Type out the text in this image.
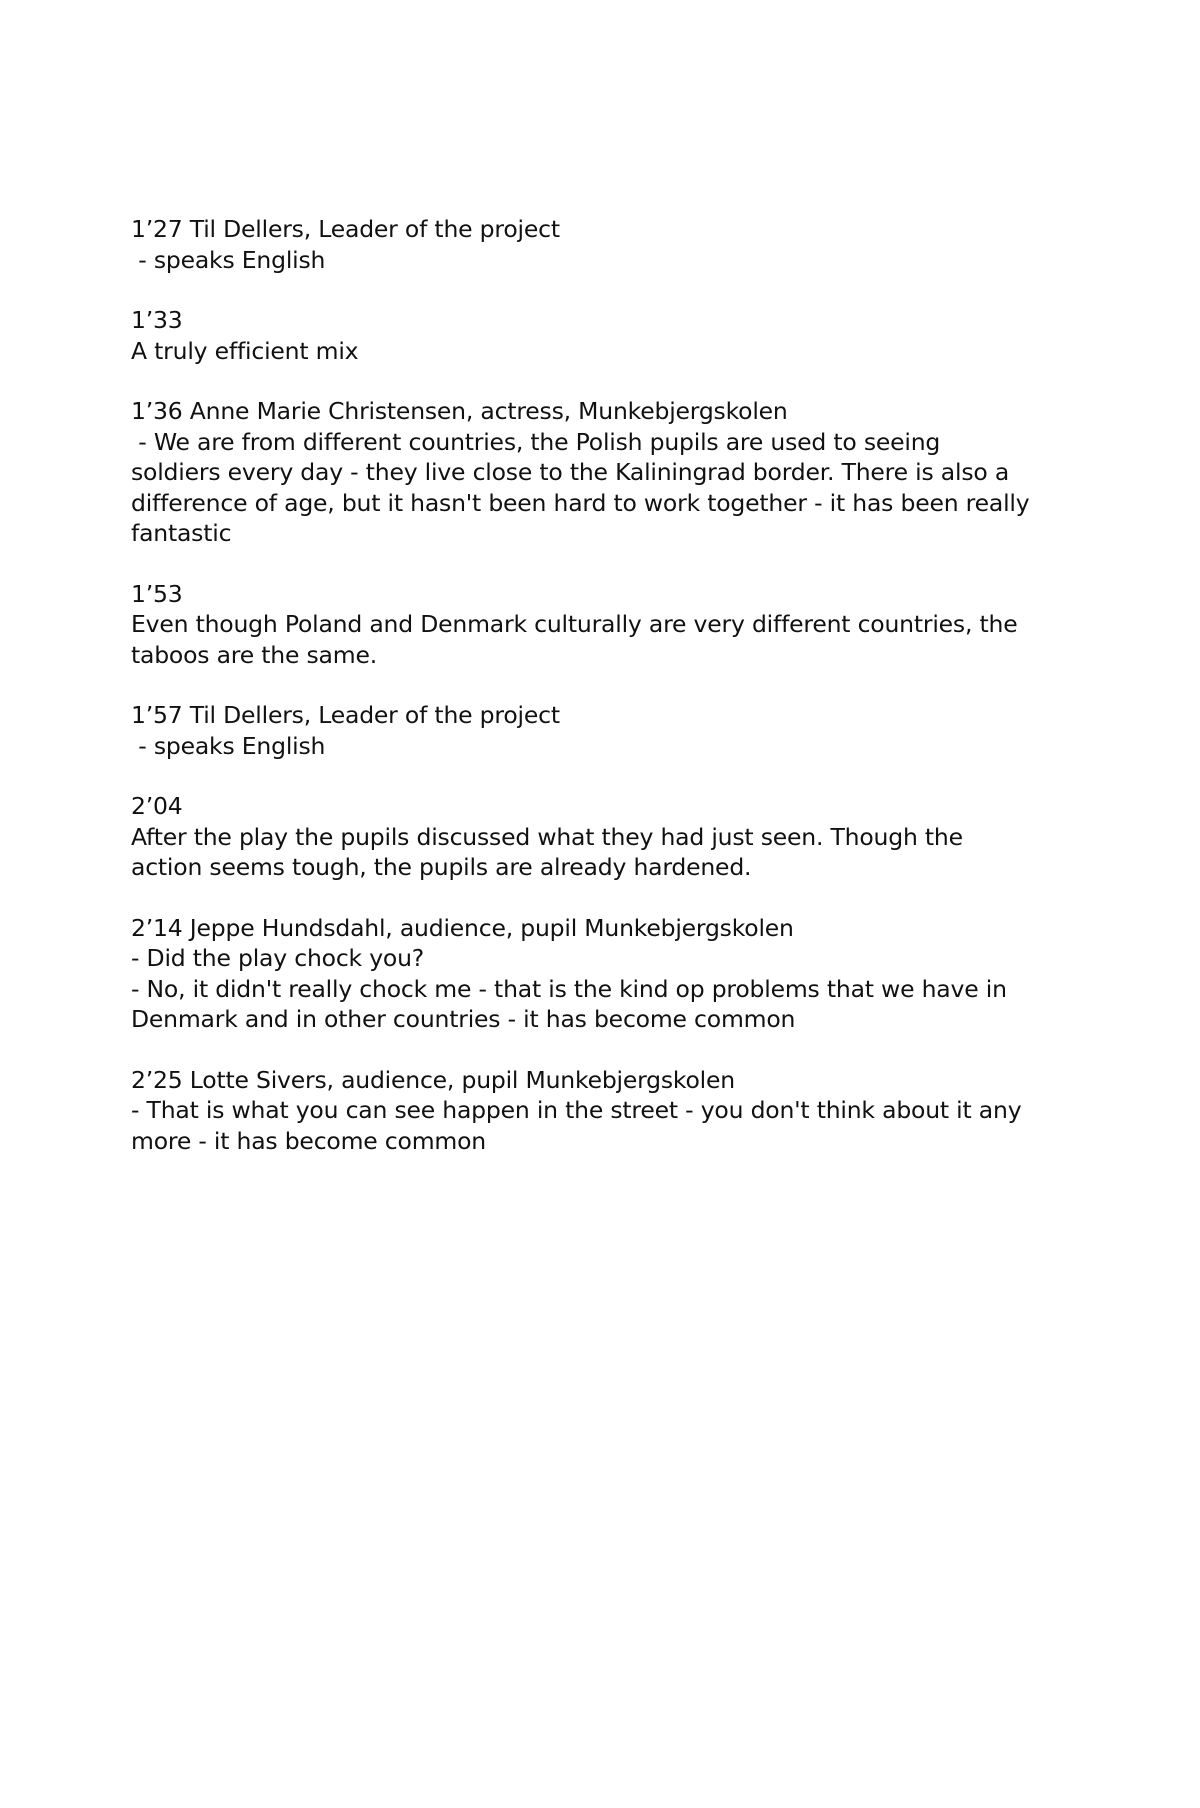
1’27 Til Dellers, Leader of the project
- speaks English
1’33
A truly efficient mix
1’36 Anne Marie Christensen, actress, Munkebjergskolen
- We are from different countries, the Polish pupils are used to seeing
soldiers every day - they live close to the Kaliningrad border. There is also a
difference of age, but it hasn't been hard to work together - it has been really
fantastic
1’53
Even though Poland and Denmark culturally are very different countries, the
taboos are the same.
1’57 Til Dellers, Leader of the project
- speaks English
2’04
After the play the pupils discussed what they had just seen. Though the
action seems tough, the pupils are already hardened.
2’14 Jeppe Hundsdahl, audience, pupil Munkebjergskolen
- Did the play chock you?
- No, it didn't really chock me - that is the kind op problems that we have in
Denmark and in other countries - it has become common
2’25 Lotte Sivers, audience, pupil Munkebjergskolen
- That is what you can see happen in the street - you don't think about it any
more - it has become common
